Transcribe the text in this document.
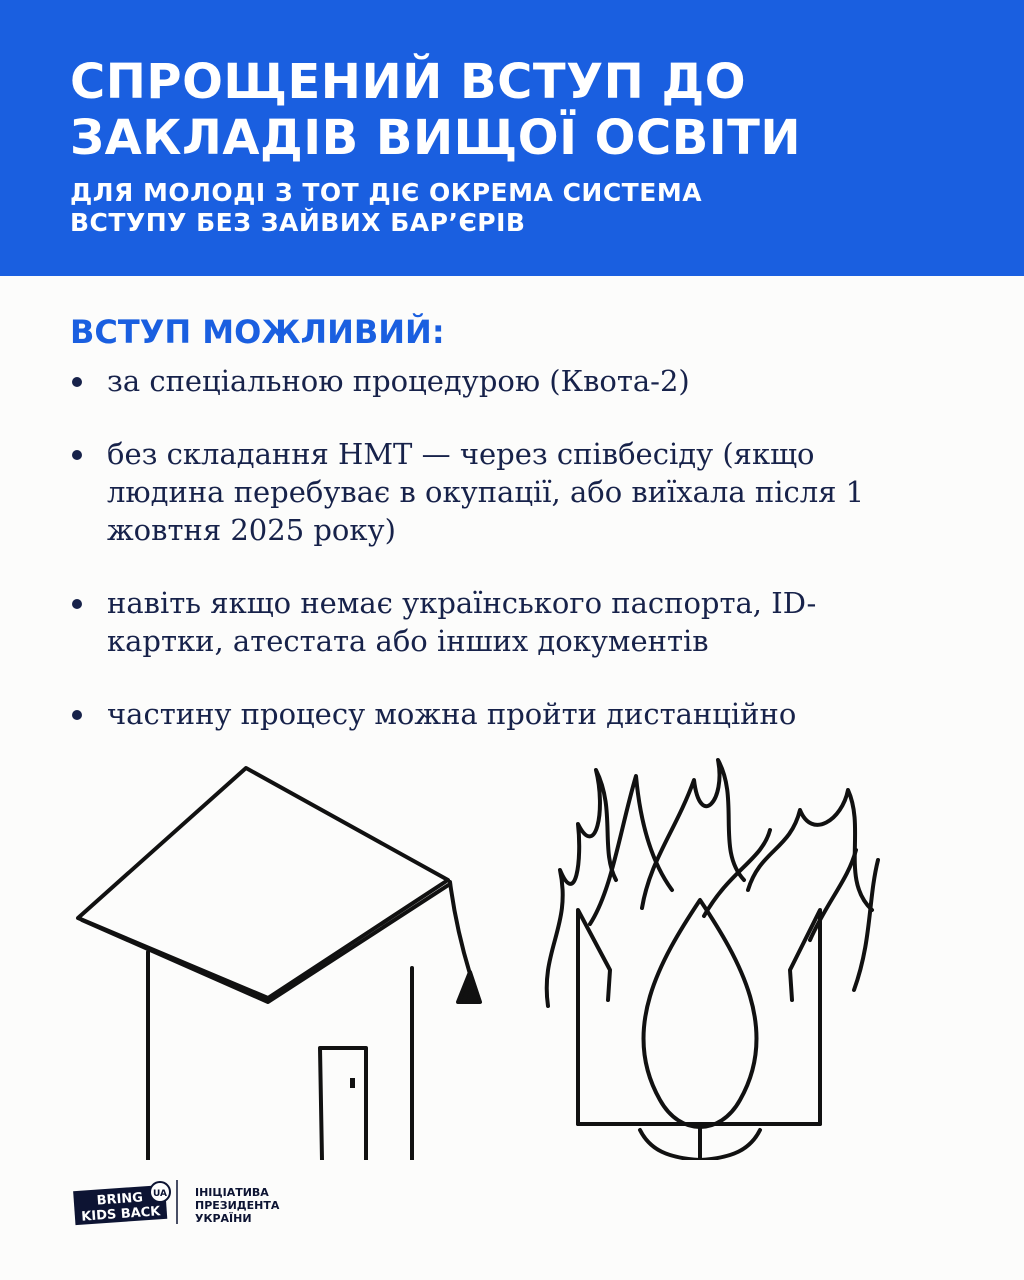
СПРОЩЕНИЙ ВСТУП ДО
ЗАКЛАДІВ ВИЩОЇ ОСВІТИ
ДЛЯ МОЛОДІ З ТОТ ДІЄ ОКРЕМА СИСТЕМА
ВСТУПУ БЕЗ ЗАЙВИХ БАР’ЄРІВ
ВСТУП МОЖЛИВИЙ:
за спеціальною процедурою (Квота-2)
без складання НМТ — через співбесіду (якщо
людина перебуває в окупації, або виїхала після 1
жовтня 2025 року)
навіть якщо немає українського паспорта, ID-
картки, атестата або інших документів
частину процесу можна пройти дистанційно
BRING
KIDS BACK
UA	ІНІЦІАТИВА
ПРЕЗИДЕНТА
УКРАЇНИ
